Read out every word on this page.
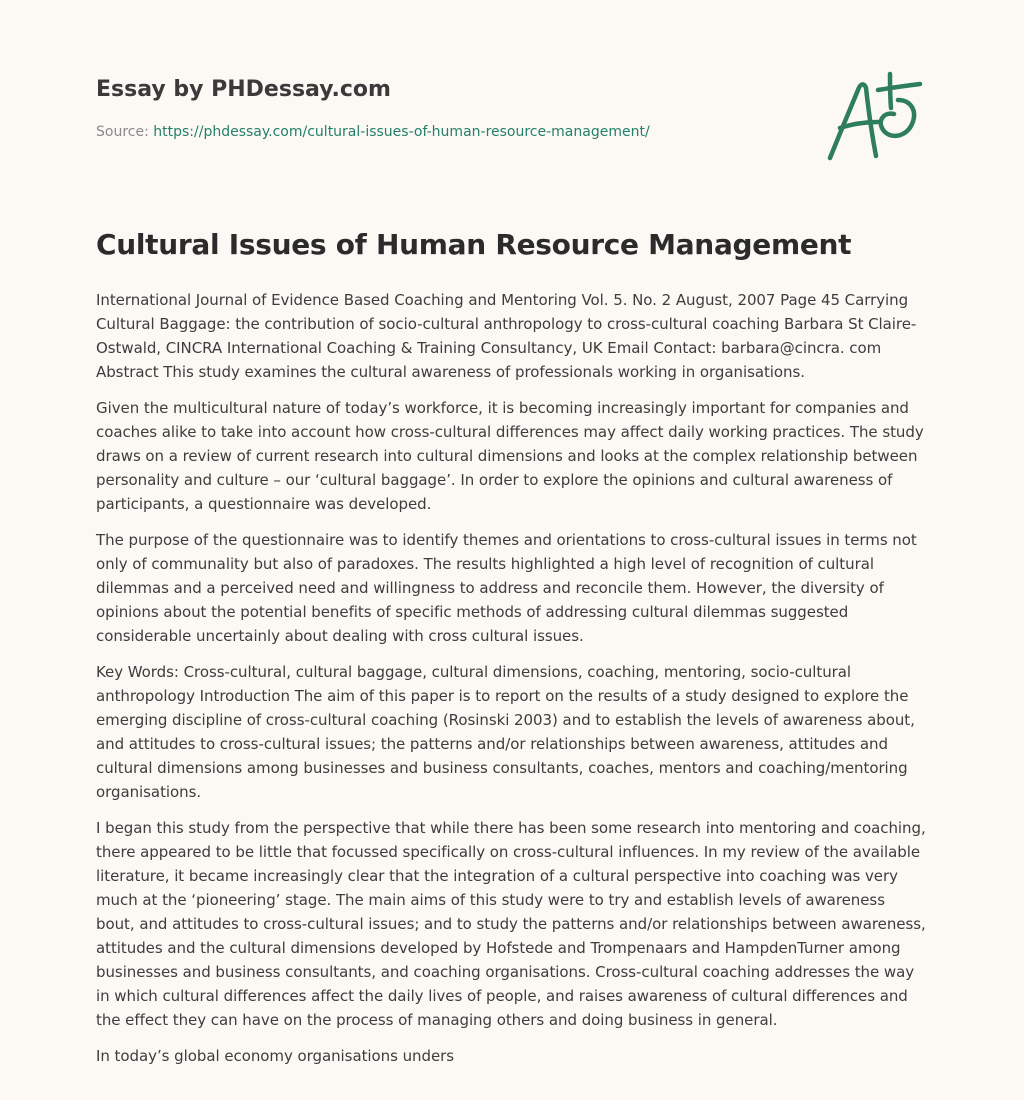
Essay by PHDessay.com
Source: https://phdessay.com/cultural-issues-of-human-resource-management/
Cultural Issues of Human Resource Management

International Journal of Evidence Based Coaching and Mentoring Vol. 5. No. 2 August, 2007 Page 45 Carrying Cultural Baggage: the contribution of socio-cultural anthropology to cross-cultural coaching Barbara St Claire-Ostwald, CINCRA International Coaching & Training Consultancy, UK Email Contact: barbara@cincra. com Abstract This study examines the cultural awareness of professionals working in organisations.

Given the multicultural nature of today’s workforce, it is becoming increasingly important for companies and coaches alike to take into account how cross-cultural differences may affect daily working practices. The study draws on a review of current research into cultural dimensions and looks at the complex relationship between personality and culture – our ‘cultural baggage’. In order to explore the opinions and cultural awareness of participants, a questionnaire was developed.

The purpose of the questionnaire was to identify themes and orientations to cross-cultural issues in terms not only of communality but also of paradoxes. The results highlighted a high level of recognition of cultural dilemmas and a perceived need and willingness to address and reconcile them. However, the diversity of opinions about the potential benefits of specific methods of addressing cultural dilemmas suggested considerable uncertainly about dealing with cross cultural issues.

Key Words: Cross-cultural, cultural baggage, cultural dimensions, coaching, mentoring, socio-cultural anthropology Introduction The aim of this paper is to report on the results of a study designed to explore the emerging discipline of cross-cultural coaching (Rosinski 2003) and to establish the levels of awareness about, and attitudes to cross-cultural issues; the patterns and/or relationships between awareness, attitudes and cultural dimensions among businesses and business consultants, coaches, mentors and coaching/mentoring organisations.

I began this study from the perspective that while there has been some research into mentoring and coaching, there appeared to be little that focussed specifically on cross-cultural influences. In my review of the available literature, it became increasingly clear that the integration of a cultural perspective into coaching was very much at the ‘pioneering’ stage. The main aims of this study were to try and establish levels of awareness bout, and attitudes to cross-cultural issues; and to study the patterns and/or relationships between awareness, attitudes and the cultural dimensions developed by Hofstede and Trompenaars and HampdenTurner among businesses and business consultants, and coaching organisations. Cross-cultural coaching addresses the way in which cultural differences affect the daily lives of people, and raises awareness of cultural differences and the effect they can have on the process of managing others and doing business in general.

In today’s global economy organisations unders
